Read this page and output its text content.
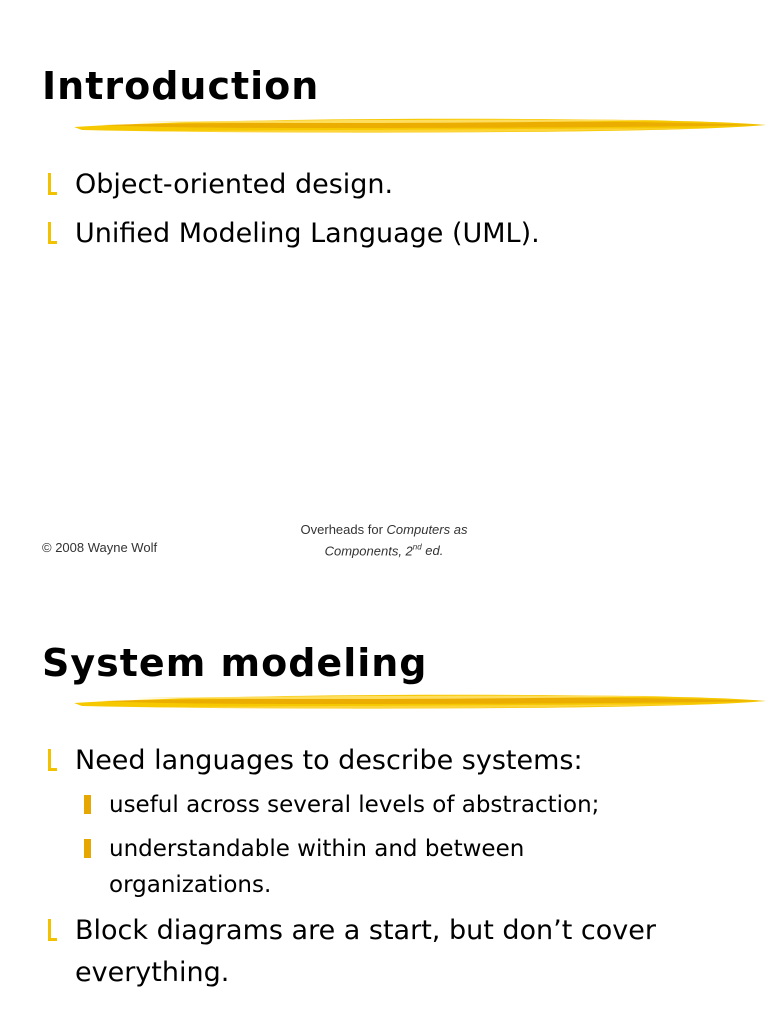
Introduction
Object-oriented design.
Unified Modeling Language (UML).
© 2008 Wayne Wolf
Overheads for Computers as
Components, 2nd ed.
System modeling
Need languages to describe systems:
useful across several levels of abstraction;
understandable within and between organizations.
Block diagrams are a start, but don’t cover everything.
